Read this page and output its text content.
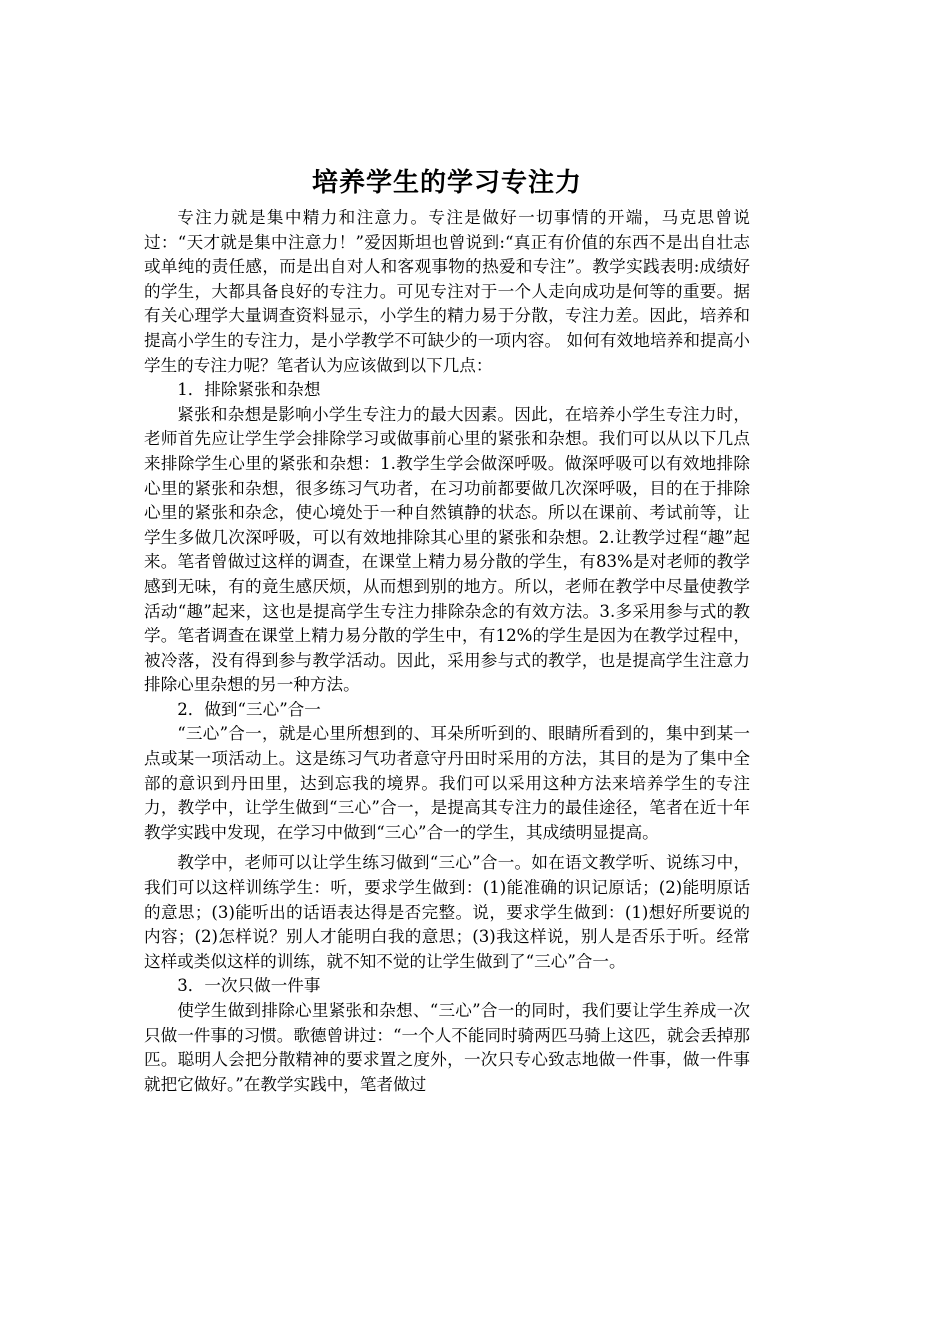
培养学生的学习专注力

专注力就是集中精力和注意力。专注是做好一切事情的开端，马克思曾说过：“天才就是集中注意力！”爱因斯坦也曾说到:“真正有价值的东西不是出自壮志或单纯的责任感，而是出自对人和客观事物的热爱和专注”。教学实践表明:成绩好的学生，大都具备良好的专注力。可见专注对于一个人走向成功是何等的重要。据有关心理学大量调查资料显示，小学生的精力易于分散，专注力差。因此，培养和提高小学生的专注力，是小学教学不可缺少的一项内容。 如何有效地培养和提高小学生的专注力呢？笔者认为应该做到以下几点：

1．排除紧张和杂想

紧张和杂想是影响小学生专注力的最大因素。因此，在培养小学生专注力时，老师首先应让学生学会排除学习或做事前心里的紧张和杂想。我们可以从以下几点来排除学生心里的紧张和杂想：1.教学生学会做深呼吸。做深呼吸可以有效地排除心里的紧张和杂想，很多练习气功者，在习功前都要做几次深呼吸，目的在于排除心里的紧张和杂念，使心境处于一种自然镇静的状态。所以在课前、考试前等，让学生多做几次深呼吸，可以有效地排除其心里的紧张和杂想。2.让教学过程“趣”起来。笔者曾做过这样的调查，在课堂上精力易分散的学生，有83%是对老师的教学感到无味，有的竟生感厌烦，从而想到别的地方。所以，老师在教学中尽量使教学活动“趣”起来，这也是提高学生专注力排除杂念的有效方法。3.多采用参与式的教学。笔者调查在课堂上精力易分散的学生中，有12%的学生是因为在教学过程中，被冷落，没有得到参与教学活动。因此，采用参与式的教学，也是提高学生注意力排除心里杂想的另一种方法。

2．做到“三心”合一

“三心”合一，就是心里所想到的、耳朵所听到的、眼睛所看到的，集中到某一点或某一项活动上。这是练习气功者意守丹田时采用的方法，其目的是为了集中全部的意识到丹田里，达到忘我的境界。我们可以采用这种方法来培养学生的专注力，教学中，让学生做到“三心”合一，是提高其专注力的最佳途径，笔者在近十年教学实践中发现，在学习中做到“三心”合一的学生，其成绩明显提高。

教学中，老师可以让学生练习做到“三心”合一。如在语文教学听、说练习中，我们可以这样训练学生：听，要求学生做到：(1)能准确的识记原话；(2)能明原话的意思；(3)能听出的话语表达得是否完整。说，要求学生做到：(1)想好所要说的内容；(2)怎样说？别人才能明白我的意思；(3)我这样说，别人是否乐于听。经常这样或类似这样的训练，就不知不觉的让学生做到了“三心”合一。

3．一次只做一件事

使学生做到排除心里紧张和杂想、“三心”合一的同时，我们要让学生养成一次只做一件事的习惯。歌德曾讲过：“一个人不能同时骑两匹马骑上这匹，就会丢掉那匹。聪明人会把分散精神的要求置之度外，一次只专心致志地做一件事，做一件事就把它做好。”在教学实践中，笔者做过
